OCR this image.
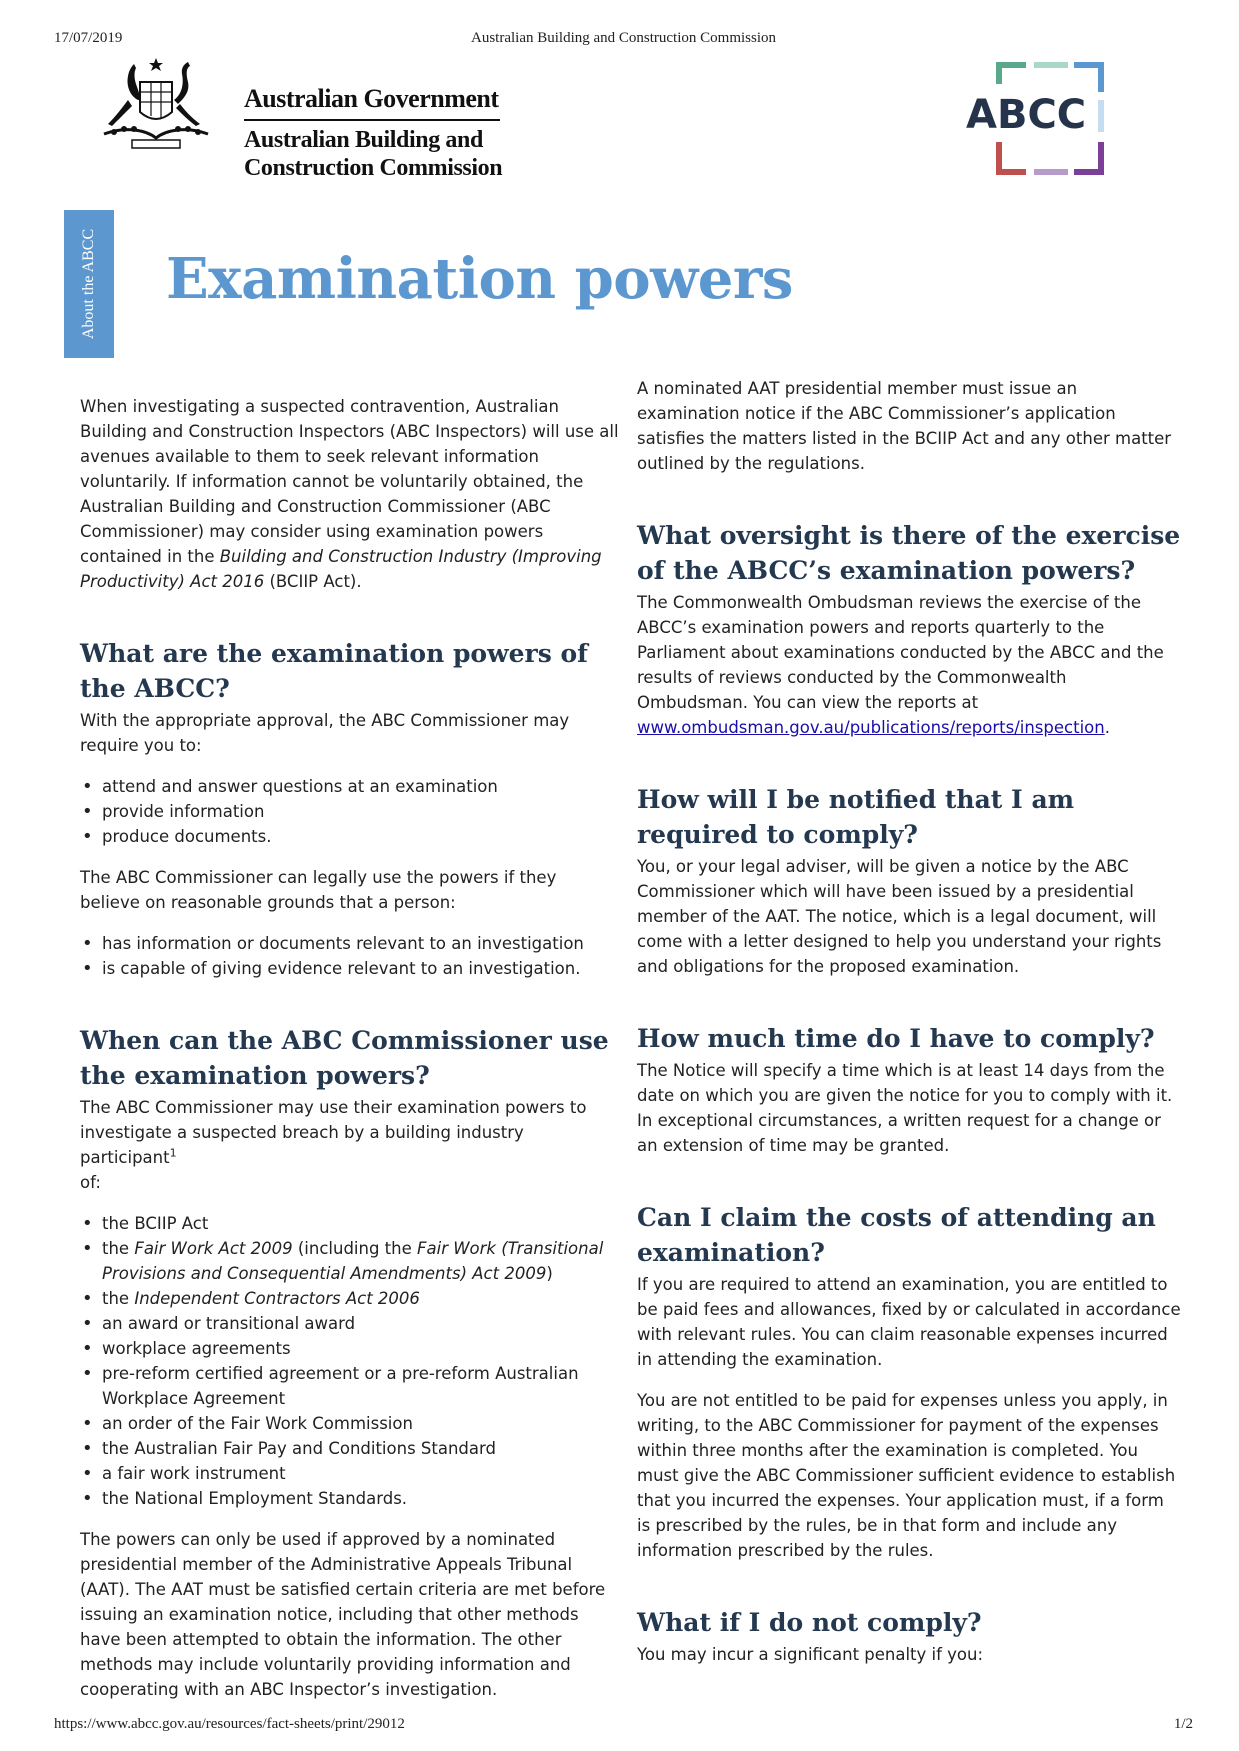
17/07/2019	Australian Building and Construction Commission
Australian Government
Australian Building and
Construction Commission
ABCC
About the ABCC Examination powers

When investigating a suspected contravention, Australian Building and Construction Inspectors (ABC Inspectors) will use all avenues available to them to seek relevant information voluntarily. If information cannot be voluntarily obtained, the Australian Building and Construction Commissioner (ABC Commissioner) may consider using examination powers contained in the Building and Construction Industry (Improving Productivity) Act 2016 (BCIIP Act).

What are the examination powers of the ABCC?

With the appropriate approval, the ABC Commissioner may require you to:

• attend and answer questions at an examination
• provide information
• produce documents.

The ABC Commissioner can legally use the powers if they believe on reasonable grounds that a person:

• has information or documents relevant to an investigation
• is capable of giving evidence relevant to an investigation.
When can the ABC Commissioner use the examination powers?

The ABC Commissioner may use their examination powers to investigate a suspected breach by a building industry participant$^1$
of:

• the BCIIP Act
• the Fair Work Act 2009 (including the Fair Work (Transitional Provisions and Consequential Amendments) Act 2009)
• the Independent Contractors Act 2006
• an award or transitional award
• workplace agreements
• pre-reform certified agreement or a pre-reform Australian Workplace Agreement
• an order of the Fair Work Commission
• the Australian Fair Pay and Conditions Standard
• a fair work instrument
• the National Employment Standards.

The powers can only be used if approved by a nominated presidential member of the Administrative Appeals Tribunal (AAT). The AAT must be satisfied certain criteria are met before issuing an examination notice, including that other methods have been attempted to obtain the information. The other methods may include voluntarily providing information and cooperating with an ABC Inspector’s investigation.

A nominated AAT presidential member must issue an examination notice if the ABC Commissioner’s application satisfies the matters listed in the BCIIP Act and any other matter outlined by the regulations.

What oversight is there of the exercise of the ABCC’s examination powers?

The Commonwealth Ombudsman reviews the exercise of the ABCC’s examination powers and reports quarterly to the Parliament about examinations conducted by the ABCC and the results of reviews conducted by the Commonwealth Ombudsman. You can view the reports at www.ombudsman.gov.au/publications/reports/inspection.

How will I be notified that I am required to comply?

You, or your legal adviser, will be given a notice by the ABC Commissioner which will have been issued by a presidential member of the AAT. The notice, which is a legal document, will come with a letter designed to help you understand your rights and obligations for the proposed examination.

How much time do I have to comply?

The Notice will specify a time which is at least 14 days from the date on which you are given the notice for you to comply with it. In exceptional circumstances, a written request for a change or an extension of time may be granted.

Can I claim the costs of attending an examination?

If you are required to attend an examination, you are entitled to be paid fees and allowances, fixed by or calculated in accordance with relevant rules. You can claim reasonable expenses incurred in attending the examination.

You are not entitled to be paid for expenses unless you apply, in writing, to the ABC Commissioner for payment of the expenses within three months after the examination is completed. You must give the ABC Commissioner sufficient evidence to establish that you incurred the expenses. Your application must, if a form is prescribed by the rules, be in that form and include any information prescribed by the rules.

What if I do not comply?

You may incur a significant penalty if you:

https://www.abcc.gov.au/resources/fact-sheets/print/29012	1/2
